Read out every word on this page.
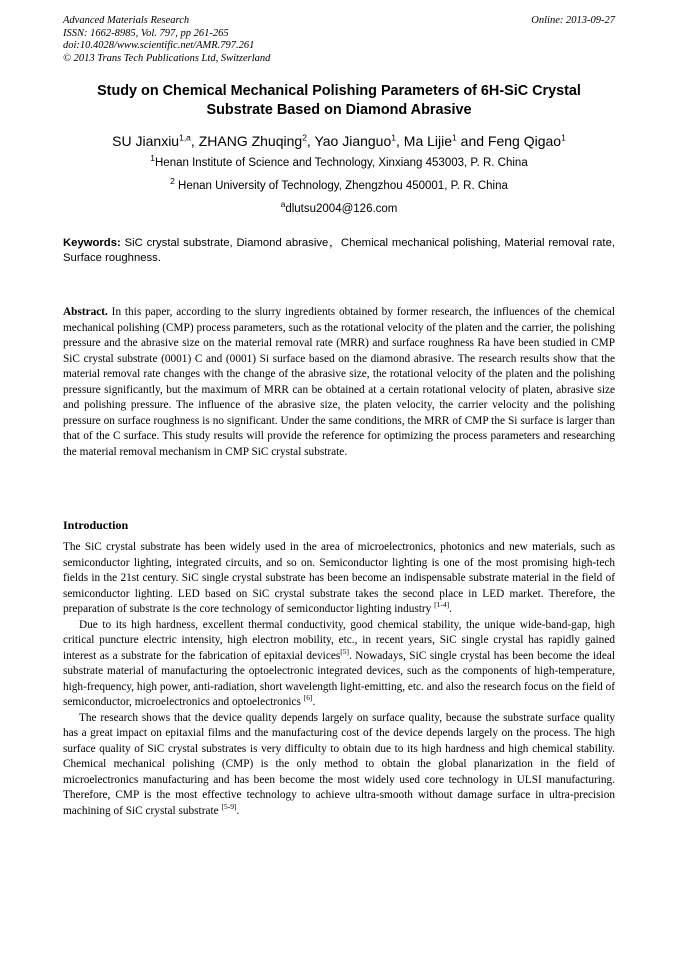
Advanced Materials Research
ISSN: 1662-8985, Vol. 797, pp 261-265
doi:10.4028/www.scientific.net/AMR.797.261
© 2013 Trans Tech Publications Ltd, Switzerland
Online: 2013-09-27
Study on Chemical Mechanical Polishing Parameters of 6H-SiC Crystal Substrate Based on Diamond Abrasive
SU Jianxiu$^{1,a}$, ZHANG Zhuqing$^2$, Yao Jianguo$^1$, Ma Lijie$^1$ and Feng Qigao$^1$
$^1$Henan Institute of Science and Technology, Xinxiang 453003, P. R. China
$^2$ Henan University of Technology, Zhengzhou 450001, P. R. China
$^a$dlutsu2004@126.com
Keywords: SiC crystal substrate, Diamond abrasive，Chemical mechanical polishing, Material removal rate, Surface roughness.
Abstract. In this paper, according to the slurry ingredients obtained by former research, the influences of the chemical mechanical polishing (CMP) process parameters, such as the rotational velocity of the platen and the carrier, the polishing pressure and the abrasive size on the material removal rate (MRR) and surface roughness Ra have been studied in CMP SiC crystal substrate (0001) C and (0001) Si surface based on the diamond abrasive. The research results show that the material removal rate changes with the change of the abrasive size, the rotational velocity of the platen and the polishing pressure significantly, but the maximum of MRR can be obtained at a certain rotational velocity of platen, abrasive size and polishing pressure. The influence of the abrasive size, the platen velocity, the carrier velocity and the polishing pressure on surface roughness is no significant. Under the same conditions, the MRR of CMP the Si surface is larger than that of the C surface. This study results will provide the reference for optimizing the process parameters and researching the material removal mechanism in CMP SiC crystal substrate.
Introduction

The SiC crystal substrate has been widely used in the area of microelectronics, photonics and new materials, such as semiconductor lighting, integrated circuits, and so on. Semiconductor lighting is one of the most promising high-tech fields in the 21st century. SiC single crystal substrate has been become an indispensable substrate material in the field of semiconductor lighting. LED based on SiC crystal substrate takes the second place in LED market. Therefore, the preparation of substrate is the core technology of semiconductor lighting industry [1-4].

Due to its high hardness, excellent thermal conductivity, good chemical stability, the unique wide-band-gap, high critical puncture electric intensity, high electron mobility, etc., in recent years, SiC single crystal has rapidly gained interest as a substrate for the fabrication of epitaxial devices[5]. Nowadays, SiC single crystal has been become the ideal substrate material of manufacturing the optoelectronic integrated devices, such as the components of high-temperature, high-frequency, high power, anti-radiation, short wavelength light-emitting, etc. and also the research focus on the field of semiconductor, microelectronics and optoelectronics [6].

The research shows that the device quality depends largely on surface quality, because the substrate surface quality has a great impact on epitaxial films and the manufacturing cost of the device depends largely on the process. The high surface quality of SiC crystal substrates is very difficulty to obtain due to its high hardness and high chemical stability. Chemical mechanical polishing (CMP) is the only method to obtain the global planarization in the field of microelectronics manufacturing and has been become the most widely used core technology in ULSI manufacturing. Therefore, CMP is the most effective technology to achieve ultra-smooth without damage surface in ultra-precision machining of SiC crystal substrate [5-9].
